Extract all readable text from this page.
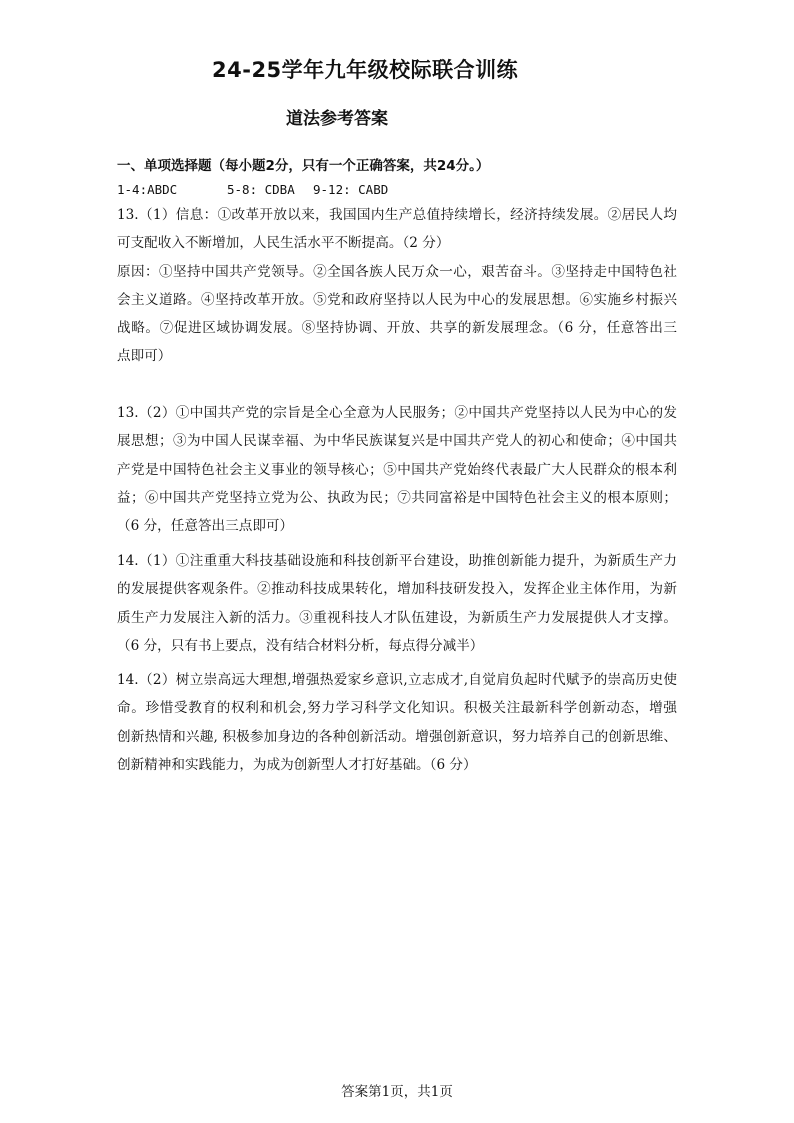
24-25学年九年级校际联合训练
道法参考答案
一、单项选择题（每小题2分，只有一个正确答案，共24分。）
1-4:ABDC	5-8: CDBA 9-12: CABD
13.（1）信息：①改革开放以来，我国国内生产总值持续增长，经济持续发展。②居民人均
可支配收入不断增加，人民生活水平不断提高。（2 分）
原因：①坚持中国共产党领导。②全国各族人民万众一心，艰苦奋斗。③坚持走中国特色社
会主义道路。④坚持改革开放。⑤党和政府坚持以人民为中心的发展思想。⑥实施乡村振兴
战略。⑦促进区域协调发展。⑧坚持协调、开放、共享的新发展理念。（6 分，任意答出三
点即可）
13.（2）①中国共产党的宗旨是全心全意为人民服务；②中国共产党坚持以人民为中心的发
展思想；③为中国人民谋幸福、为中华民族谋复兴是中国共产党人的初心和使命；④中国共
产党是中国特色社会主义事业的领导核心；⑤中国共产党始终代表最广大人民群众的根本利
益；⑥中国共产党坚持立党为公、执政为民；⑦共同富裕是中国特色社会主义的根本原则；
（6 分，任意答出三点即可）
14.（1）①注重重大科技基础设施和科技创新平台建设，助推创新能力提升，为新质生产力
的发展提供客观条件。②推动科技成果转化，增加科技研发投入，发挥企业主体作用，为新
质生产力发展注入新的活力。③重视科技人才队伍建设，为新质生产力发展提供人才支撑。
（6 分，只有书上要点，没有结合材料分析，每点得分减半）
14.（2）树立崇高远大理想,增强热爱家乡意识,立志成才,自觉肩负起时代赋予的崇高历史使
命。珍惜受教育的权利和机会,努力学习科学文化知识。积极关注最新科学创新动态，增强
创新热情和兴趣, 积极参加身边的各种创新活动。增强创新意识，努力培养自己的创新思维、
创新精神和实践能力，为成为创新型人才打好基础。（6 分）
答案第1页，共1页
